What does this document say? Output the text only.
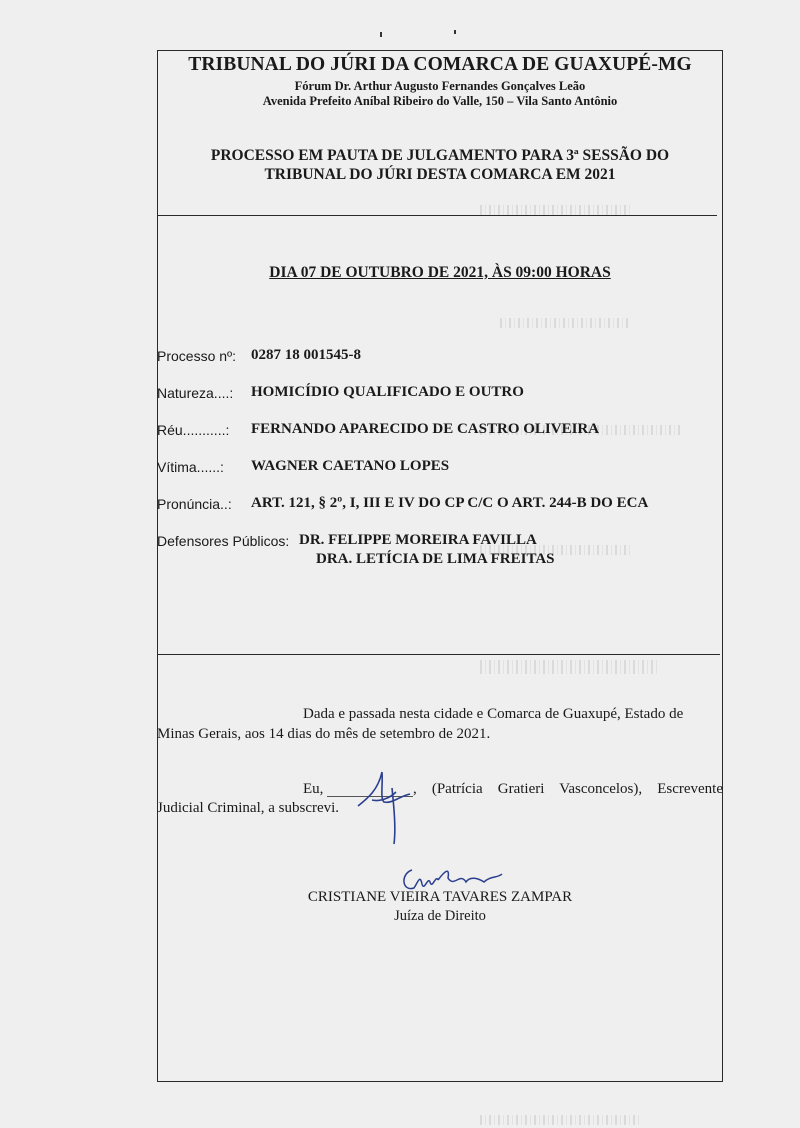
TRIBUNAL DO JÚRI DA COMARCA DE GUAXUPÉ-MG
Fórum Dr. Arthur Augusto Fernandes Gonçalves Leão
Avenida Prefeito Aníbal Ribeiro do Valle, 150 – Vila Santo Antônio
PROCESSO EM PAUTA DE JULGAMENTO PARA 3ª SESSÃO DO
TRIBUNAL DO JÚRI DESTA COMARCA EM 2021
DIA 07 DE OUTUBRO DE 2021, ÀS 09:00 HORAS
Processo nº: 0287 18 001545-8
Natureza....: HOMICÍDIO QUALIFICADO E OUTRO
Réu...........: FERNANDO APARECIDO DE CASTRO OLIVEIRA
Vítima......: WAGNER CAETANO LOPES
Pronúncia..: ART. 121, § 2º, I, III E IV DO CP C/C O ART. 244-B DO ECA
Defensores Públicos: DR. FELIPPE MOREIRA FAVILLA
DRA. LETÍCIA DE LIMA FREITAS
Dada e passada nesta cidade e Comarca de Guaxupé, Estado de
Minas Gerais, aos 14 dias do mês de setembro de 2021.
Eu,	, (Patrícia Gratieri Vasconcelos), Escrevente
Judicial Criminal, a subscrevi.
CRISTIANE VIEIRA TAVARES ZAMPAR
Juíza de Direito
